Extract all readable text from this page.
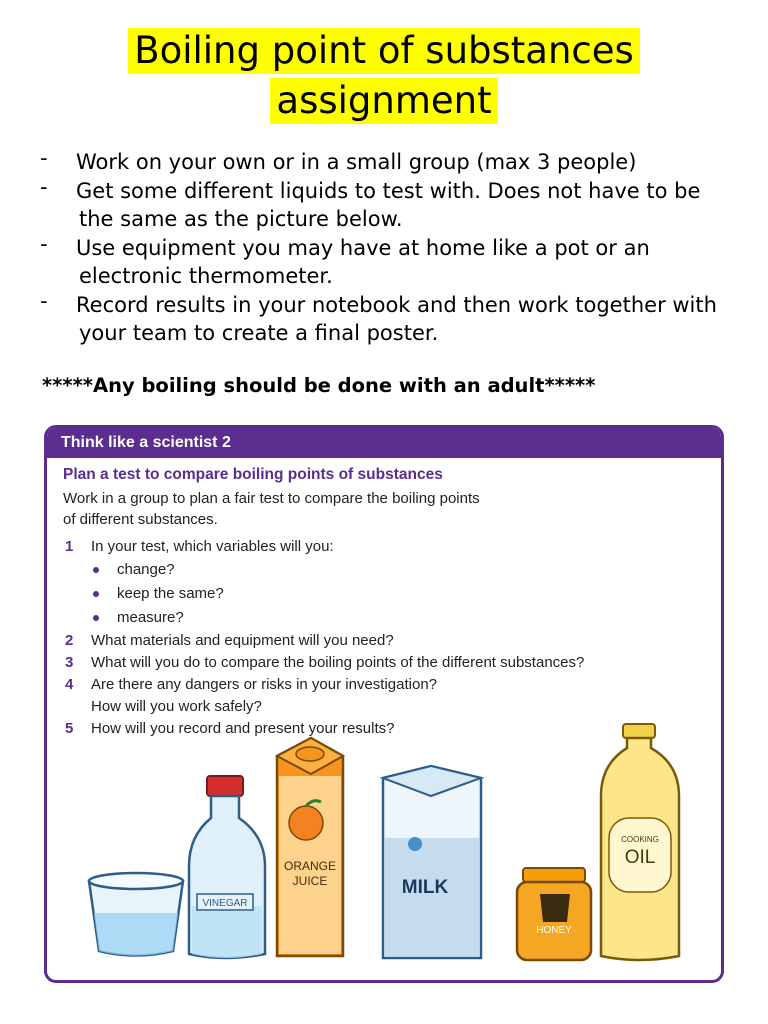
Boiling point of substances
assignment
- Work on your own or in a small group (max 3 people)
- Get some different liquids to test with. Does not have to be
the same as the picture below.
- Use equipment you may have at home like a pot or an
electronic thermometer.
- Record results in your notebook and then work together with
your team to create a final poster.
*****Any boiling should be done with an adult*****
Think like a scientist 2
Plan a test to compare boiling points of substances
Work in a group to plan a fair test to compare the boiling points
of different substances.
1 In your test, which variables will you:
change?
keep the same?
measure?
2 What materials and equipment will you need?
3 What will you do to compare the boiling points of the different substances?
4 Are there any dangers or risks in your investigation?
How will you work safely?
5 How will you record and present your results?
VINEGAR
ORANGE
JUICE	MILK
HONEY
COOKING
OIL
